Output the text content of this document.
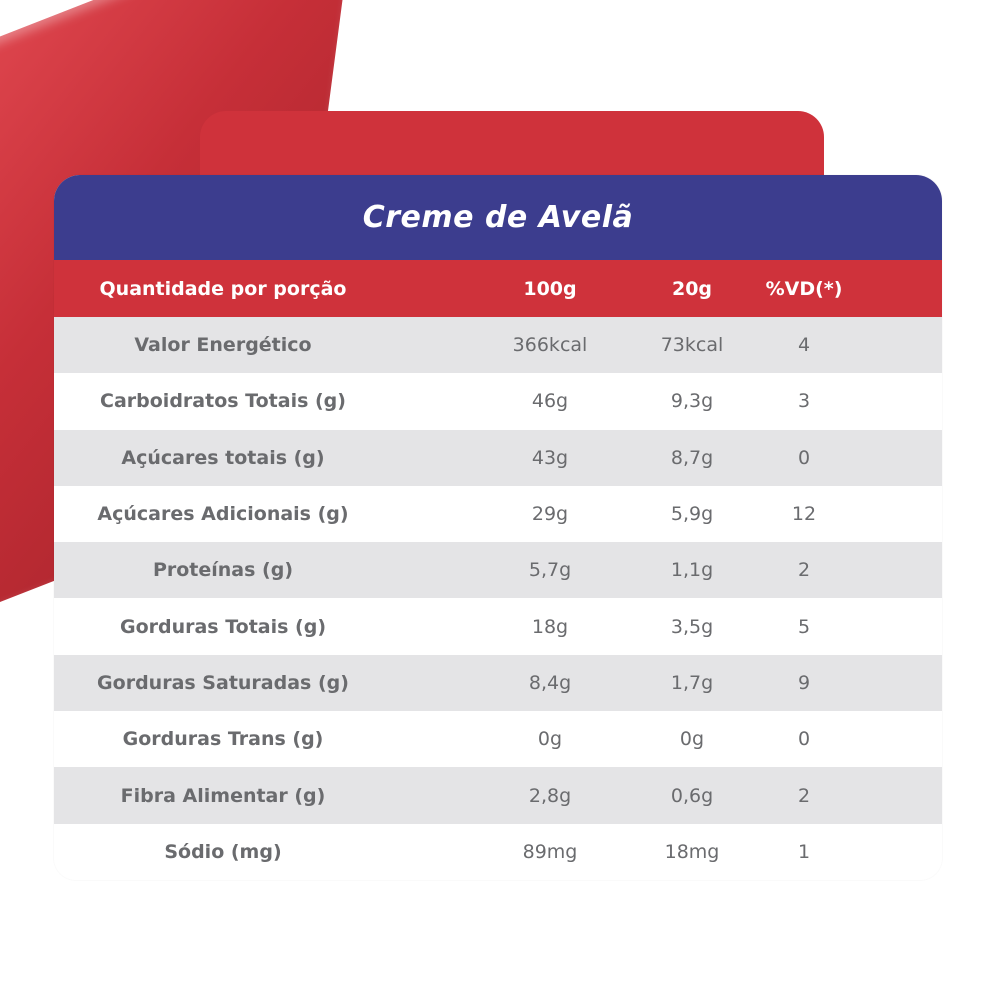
Creme de Avelã
Quantidade por porção	100g	20g	%VD(*)
Valor Energético	366kcal	73kcal	4
Carboidratos Totais (g)	46g	9,3g	3
Açúcares totais (g)	43g	8,7g	0
Açúcares Adicionais (g)	29g	5,9g	12
Proteínas (g)	5,7g	1,1g	2
Gorduras Totais (g)	18g	3,5g	5
Gorduras Saturadas (g)	8,4g	1,7g	9
Gorduras Trans (g)	0g	0g	0
Fibra Alimentar (g)	2,8g	0,6g	2
Sódio (mg)	89mg	18mg	1
